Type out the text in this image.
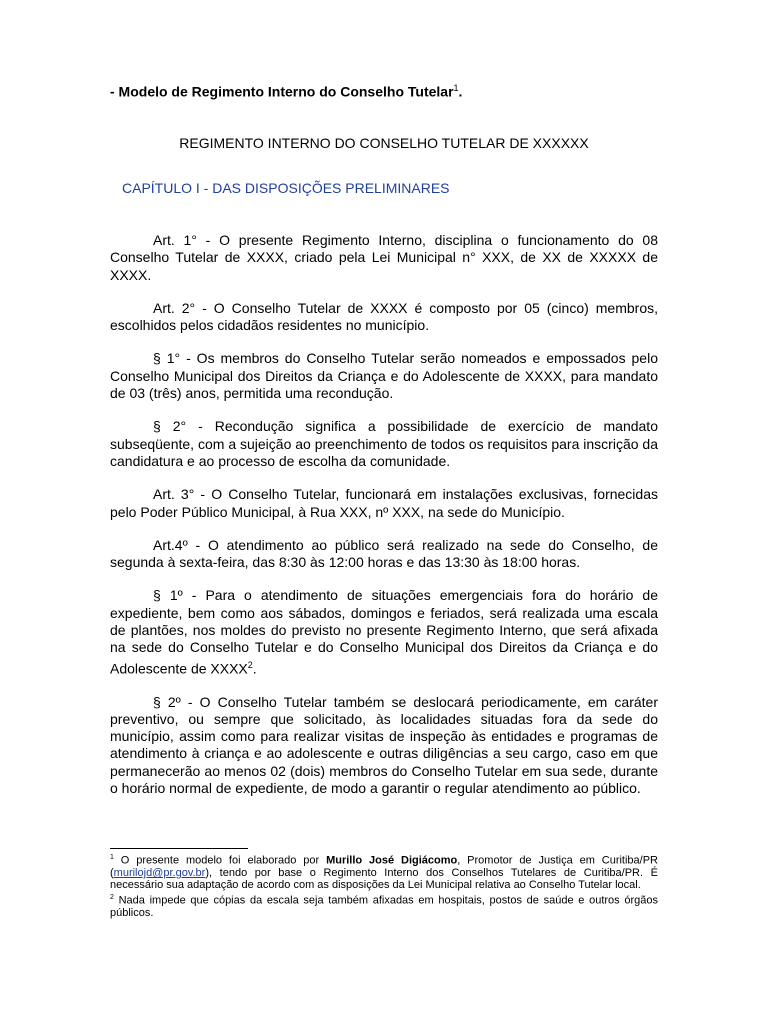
- Modelo de Regimento Interno do Conselho Tutelar$^1$.
REGIMENTO INTERNO DO CONSELHO TUTELAR DE XXXXXX
CAPÍTULO I - DAS DISPOSIÇÕES PRELIMINARES

Art. 1° - O presente Regimento Interno, disciplina o funcionamento do 08 Conselho Tutelar de XXXX, criado pela Lei Municipal n° XXX, de XX de XXXXX de XXXX.

Art. 2° - O Conselho Tutelar de XXXX é composto por 05 (cinco) membros, escolhidos pelos cidadãos residentes no município.

§ 1° - Os membros do Conselho Tutelar serão nomeados e empossados pelo Conselho Municipal dos Direitos da Criança e do Adolescente de XXXX, para mandato de 03 (três) anos, permitida uma recondução.

§ 2° - Recondução significa a possibilidade de exercício de mandato subseqüente, com a sujeição ao preenchimento de todos os requisitos para inscrição da candidatura e ao processo de escolha da comunidade.

Art. 3° - O Conselho Tutelar, funcionará em instalações exclusivas, fornecidas pelo Poder Público Municipal, à Rua XXX, nº XXX, na sede do Município.

Art.4º - O atendimento ao público será realizado na sede do Conselho, de segunda à sexta-feira, das 8:30 às 12:00 horas e das 13:30 às 18:00 horas.

§ 1º - Para o atendimento de situações emergenciais fora do horário de expediente, bem como aos sábados, domingos e feriados, será realizada uma escala de plantões, nos moldes do previsto no presente Regimento Interno, que será afixada na sede do Conselho Tutelar e do Conselho Municipal dos Direitos da Criança e do Adolescente de XXXX$^2$.

§ 2º - O Conselho Tutelar também se deslocará periodicamente, em caráter preventivo, ou sempre que solicitado, às localidades situadas fora da sede do município, assim como para realizar visitas de inspeção às entidades e programas de atendimento à criança e ao adolescente e outras diligências a seu cargo, caso em que permanecerão ao menos 02 (dois) membros do Conselho Tutelar em sua sede, durante o horário normal de expediente, de modo a garantir o regular atendimento ao público.

$^1$ O presente modelo foi elaborado por Murillo José Digiácomo, Promotor de Justiça em Curitiba/PR (murilojd@pr.gov.br), tendo por base o Regimento Interno dos Conselhos Tutelares de Curitiba/PR. É necessário sua adaptação de acordo com as disposições da Lei Municipal relativa ao Conselho Tutelar local.

$^2$ Nada impede que cópias da escala seja também afixadas em hospitais, postos de saúde e outros órgãos públicos.
